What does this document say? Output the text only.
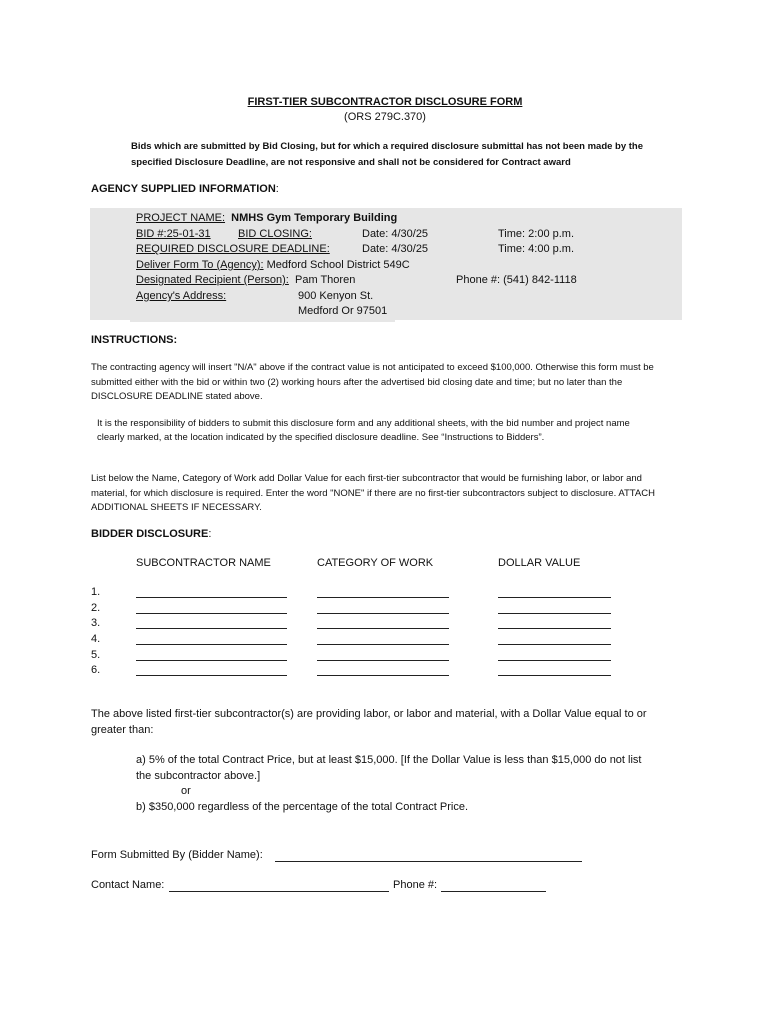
FIRST-TIER SUBCONTRACTOR DISCLOSURE FORM
(ORS 279C.370)
Bids which are submitted by Bid Closing, but for which a required disclosure submittal has not been made by the specified Disclosure Deadline, are not responsive and shall not be considered for Contract award
AGENCY SUPPLIED INFORMATION:
PROJECT NAME: NMHS Gym Temporary Building
BID #:25-01-31 BID CLOSING:	Date: 4/30/25	Time: 2:00 p.m.
REQUIRED DISCLOSURE DEADLINE:	Date: 4/30/25	Time: 4:00 p.m.
Deliver Form To (Agency): Medford School District 549C
Designated Recipient (Person): Pam Thoren	Phone #: (541) 842-1118
Agency's Address:	900 Kenyon St.
Medford Or 97501
INSTRUCTIONS:
The contracting agency will insert "N/A" above if the contract value is not anticipated to exceed $100,000. Otherwise this form must be submitted either with the bid or within two (2) working hours after the advertised bid closing date and time; but no later than the DISCLOSURE DEADLINE stated above.
It is the responsibility of bidders to submit this disclosure form and any additional sheets, with the bid number and project name clearly marked, at the location indicated by the specified disclosure deadline. See “Instructions to Bidders”.
List below the Name, Category of Work add Dollar Value for each first-tier subcontractor that would be furnishing labor, or labor and material, for which disclosure is required. Enter the word "NONE" if there are no first-tier subcontractors subject to disclosure. ATTACH ADDITIONAL SHEETS IF NECESSARY.
BIDDER DISCLOSURE:
SUBCONTRACTOR NAME	CATEGORY OF WORK	DOLLAR VALUE
1.
2.
3.
4.
5.
6.
The above listed first-tier subcontractor(s) are providing labor, or labor and material, with a Dollar Value equal to or greater than:
a) 5% of the total Contract Price, but at least $15,000. [If the Dollar Value is less than $15,000 do not list the subcontractor above.]
or
b) $350,000 regardless of the percentage of the total Contract Price.
Form Submitted By (Bidder Name):
Contact Name:	Phone #:
